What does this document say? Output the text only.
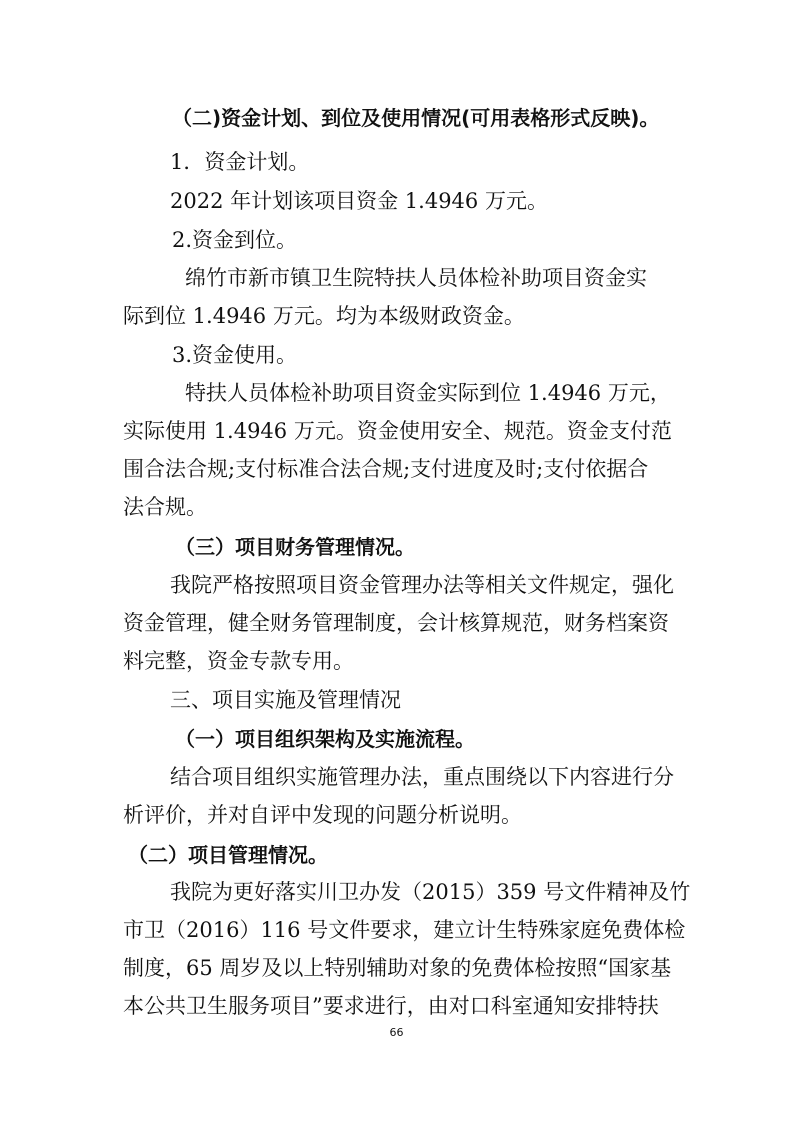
（二)资金计划、到位及使用情况(可用表格形式反映)。
1．资金计划。
2022 年计划该项目资金 1.4946 万元。
2.资金到位。
绵竹市新市镇卫生院特扶人员体检补助项目资金实
际到位 1.4946 万元。均为本级财政资金。
3.资金使用。
特扶人员体检补助项目资金实际到位 1.4946 万元，
实际使用 1.4946 万元。资金使用安全、规范。资金支付范
围合法合规;支付标准合法合规;支付进度及时;支付依据合
法合规。
（三）项目财务管理情况。
我院严格按照项目资金管理办法等相关文件规定，强化
资金管理，健全财务管理制度，会计核算规范，财务档案资
料完整，资金专款专用。
三、项目实施及管理情况
（一）项目组织架构及实施流程。
结合项目组织实施管理办法，重点围绕以下内容进行分
析评价，并对自评中发现的问题分析说明。
（二）项目管理情况。
我院为更好落实川卫办发（2015）359 号文件精神及竹
市卫（2016）116 号文件要求，建立计生特殊家庭免费体检
制度，65 周岁及以上特别辅助对象的免费体检按照“国家基
本公共卫生服务项目”要求进行，由对口科室通知安排特扶
66
